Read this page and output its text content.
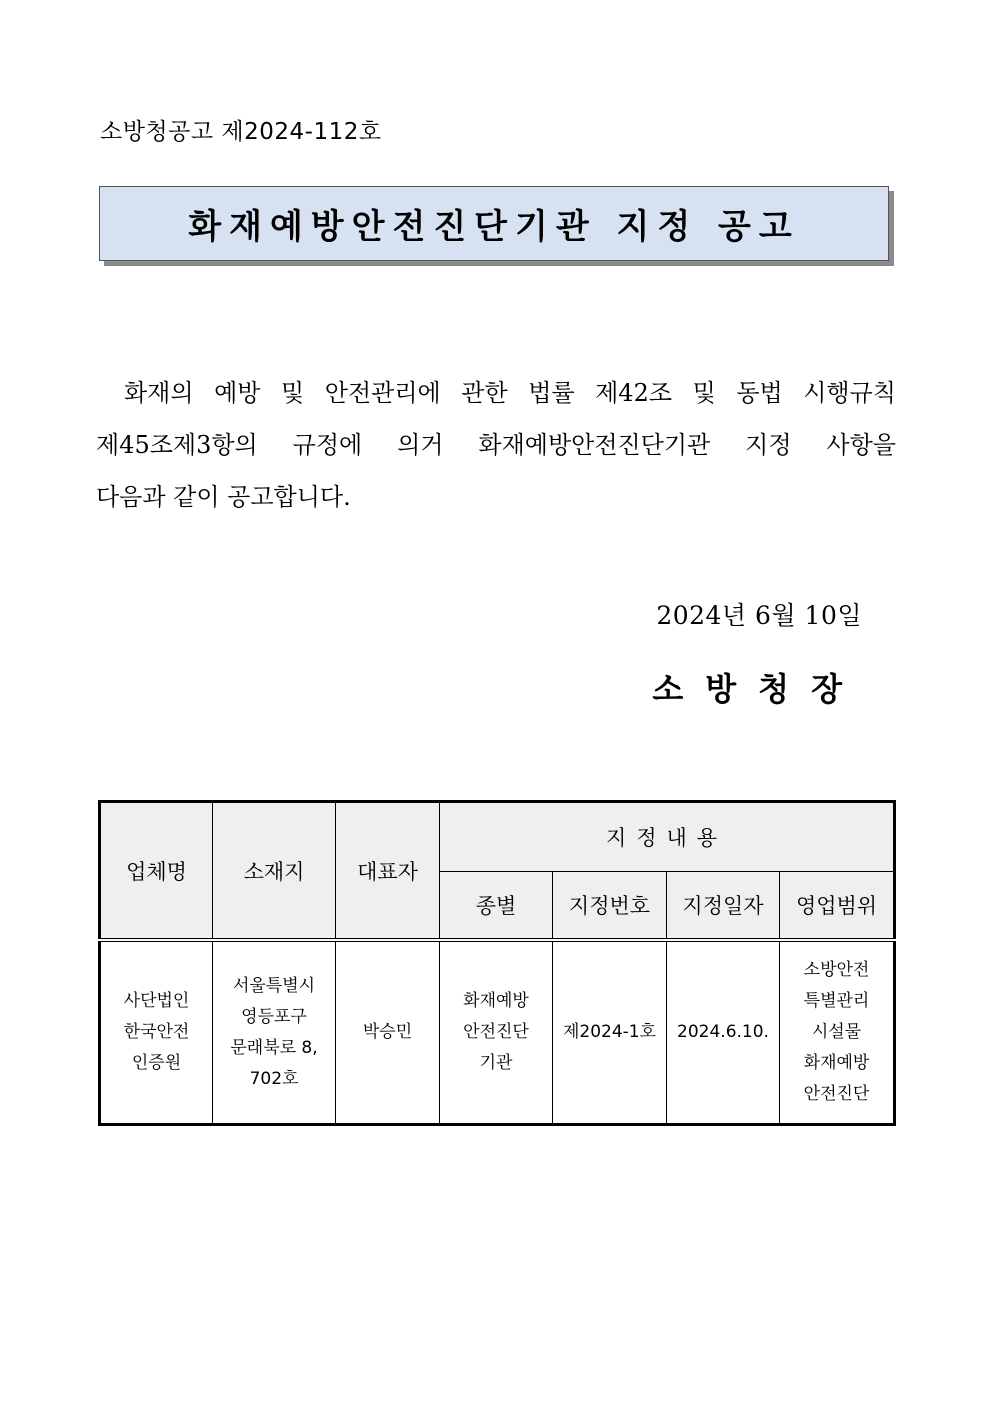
소방청공고 제2024-112호
화재예방안전진단기관 지정 공고
화재의 예방 및 안전관리에 관한 법률 제42조 및 동법 시행규칙
제45조제3항의 규정에 의거 화재예방안전진단기관 지정 사항을
다음과 같이 공고합니다.
2024년 6월 10일
소방청장
업체명	소재지	대표자	지정내용			
			종별	지정번호	지정일자	영업범위

사단법인
한국안전
인증원	서울특별시
영등포구
문래북로 8,
702호	박승민	화재예방
안전진단
기관	제2024-1호	2024.6.10.	소방안전
특별관리
시설물
화재예방
안전진단
